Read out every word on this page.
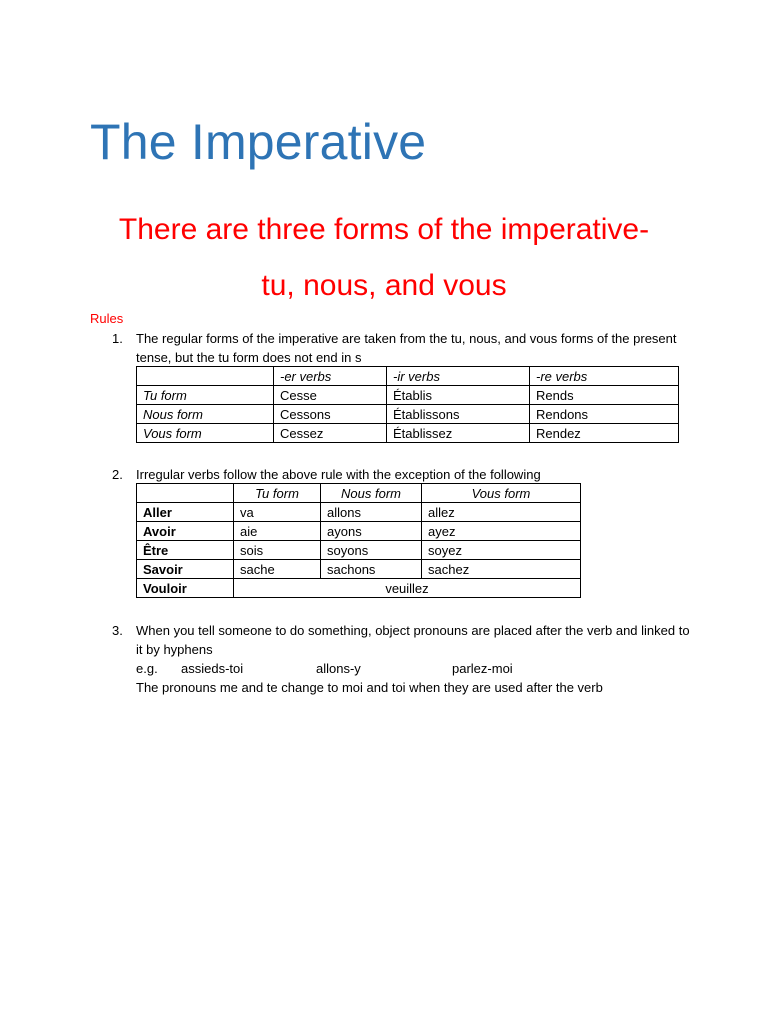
The Imperative
There are three forms of the imperative-
tu, nous, and vous
Rules
1. The regular forms of the imperative are taken from the tu, nous, and vous forms of the present tense, but the tu form does not end in s
	-er verbs	-ir verbs	-re verbs
Tu form	Cesse	Établis	Rends
Nous form	Cessons	Établissons	Rendons
Vous form	Cessez	Établissez	Rendez
2. Irregular verbs follow the above rule with the exception of the following
	Tu form	Nous form	Vous form
Aller	va	allons	allez
Avoir	aie	ayons	ayez
Être	sois	soyons	soyez
Savoir	sache	sachons	sachez
Vouloir	veuillez		
3. When you tell someone to do something, object pronouns are placed after the verb and linked to it by hyphens
e.g. assieds-toi	allons-y	parlez-moi
The pronouns me and te change to moi and toi when they are used after the verb
